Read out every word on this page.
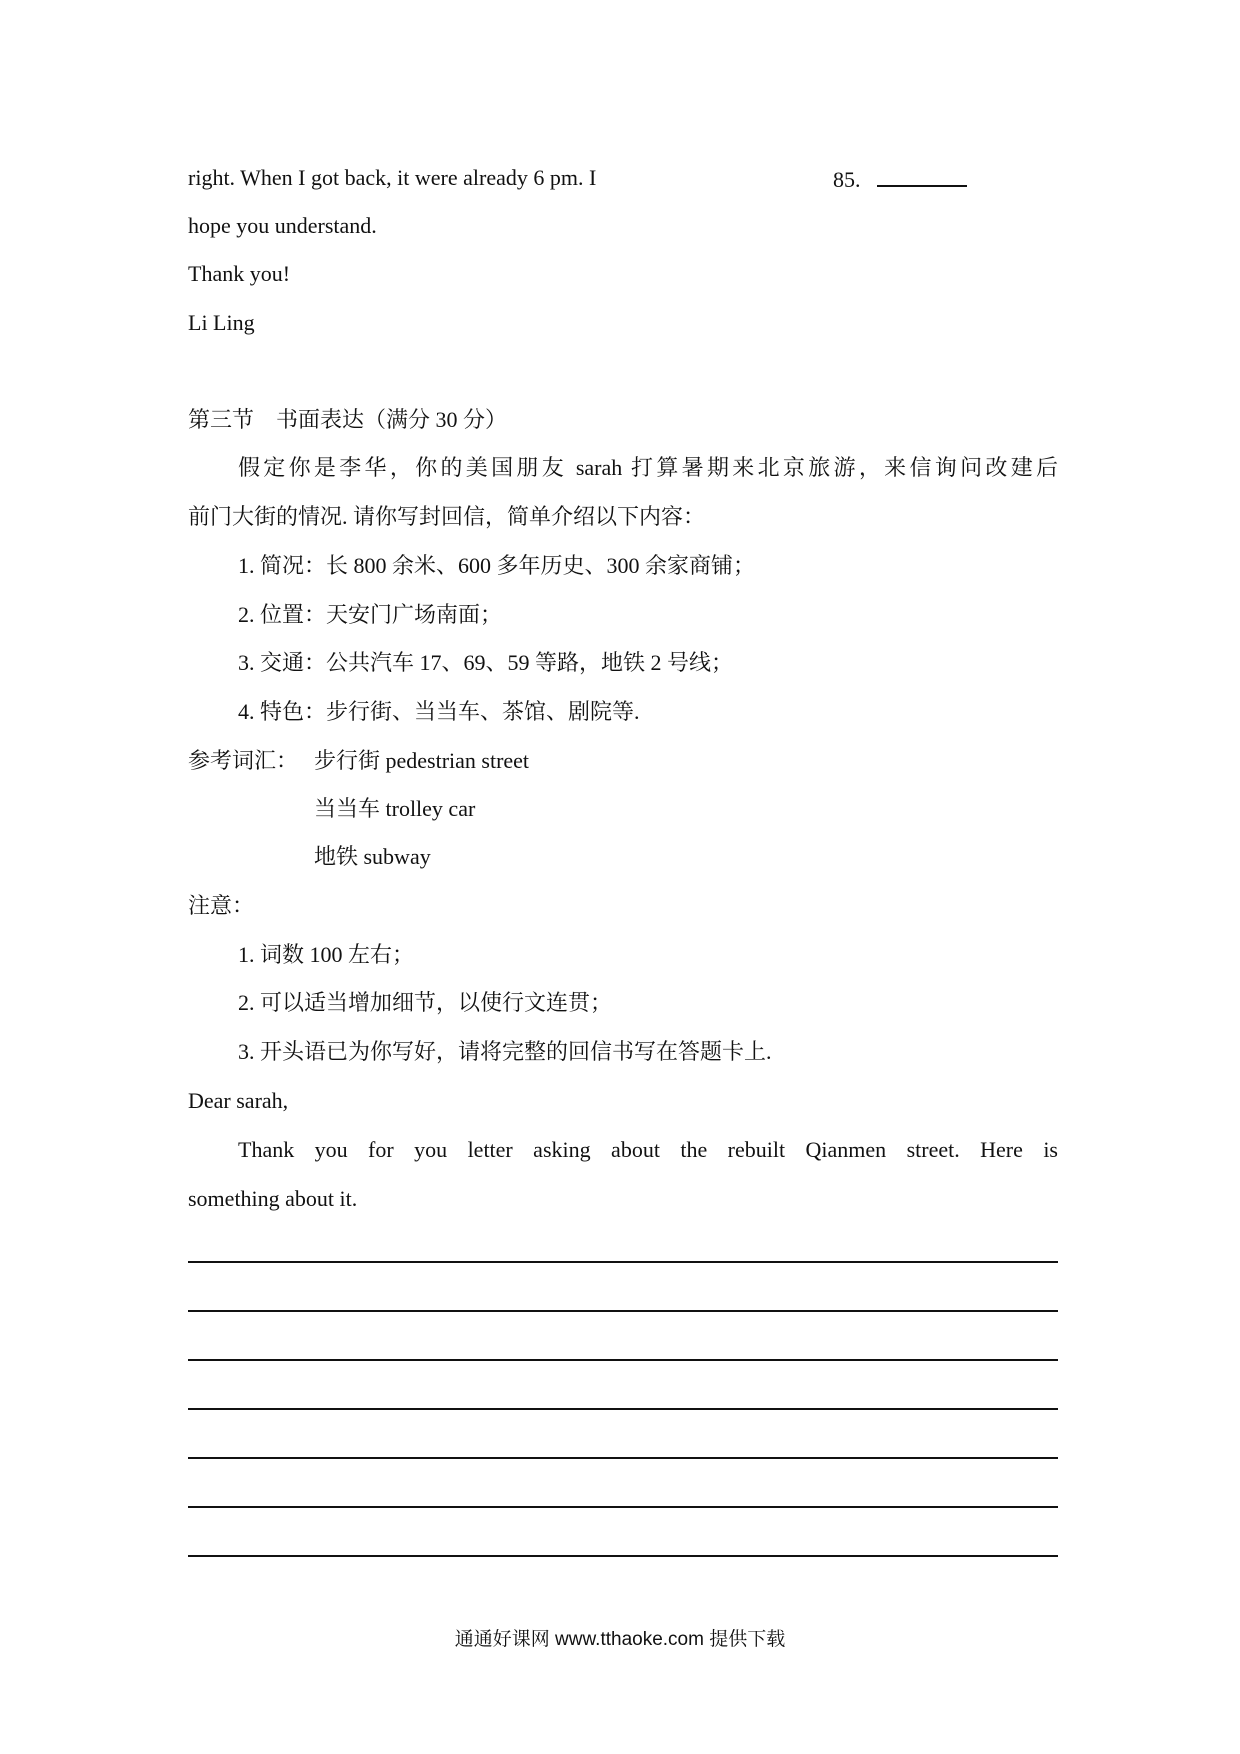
right. When I got back, it were already 6 pm. I	85.
hope you understand.
Thank you!
Li Ling
第三节　书面表达（满分 30 分）
假定你是李华，你的美国朋友 sarah 打算暑期来北京旅游，来信询问改建后
前门大街的情况. 请你写封回信，简单介绍以下内容：
1. 简况：长 800 余米、600 多年历史、300 余家商铺；
2. 位置：天安门广场南面；
3. 交通：公共汽车 17、69、59 等路，地铁 2 号线；
4. 特色：步行街、当当车、茶馆、剧院等.
参考词汇： 步行街 pedestrian street
当当车 trolley car
地铁 subway
注意：
1. 词数 100 左右；
2. 可以适当增加细节，以使行文连贯；
3. 开头语已为你写好，请将完整的回信书写在答题卡上.
Dear sarah,
Thank you for you letter asking about the rebuilt Qianmen street. Here is
something about it.
通通好课网 www.tthaoke.com 提供下载
